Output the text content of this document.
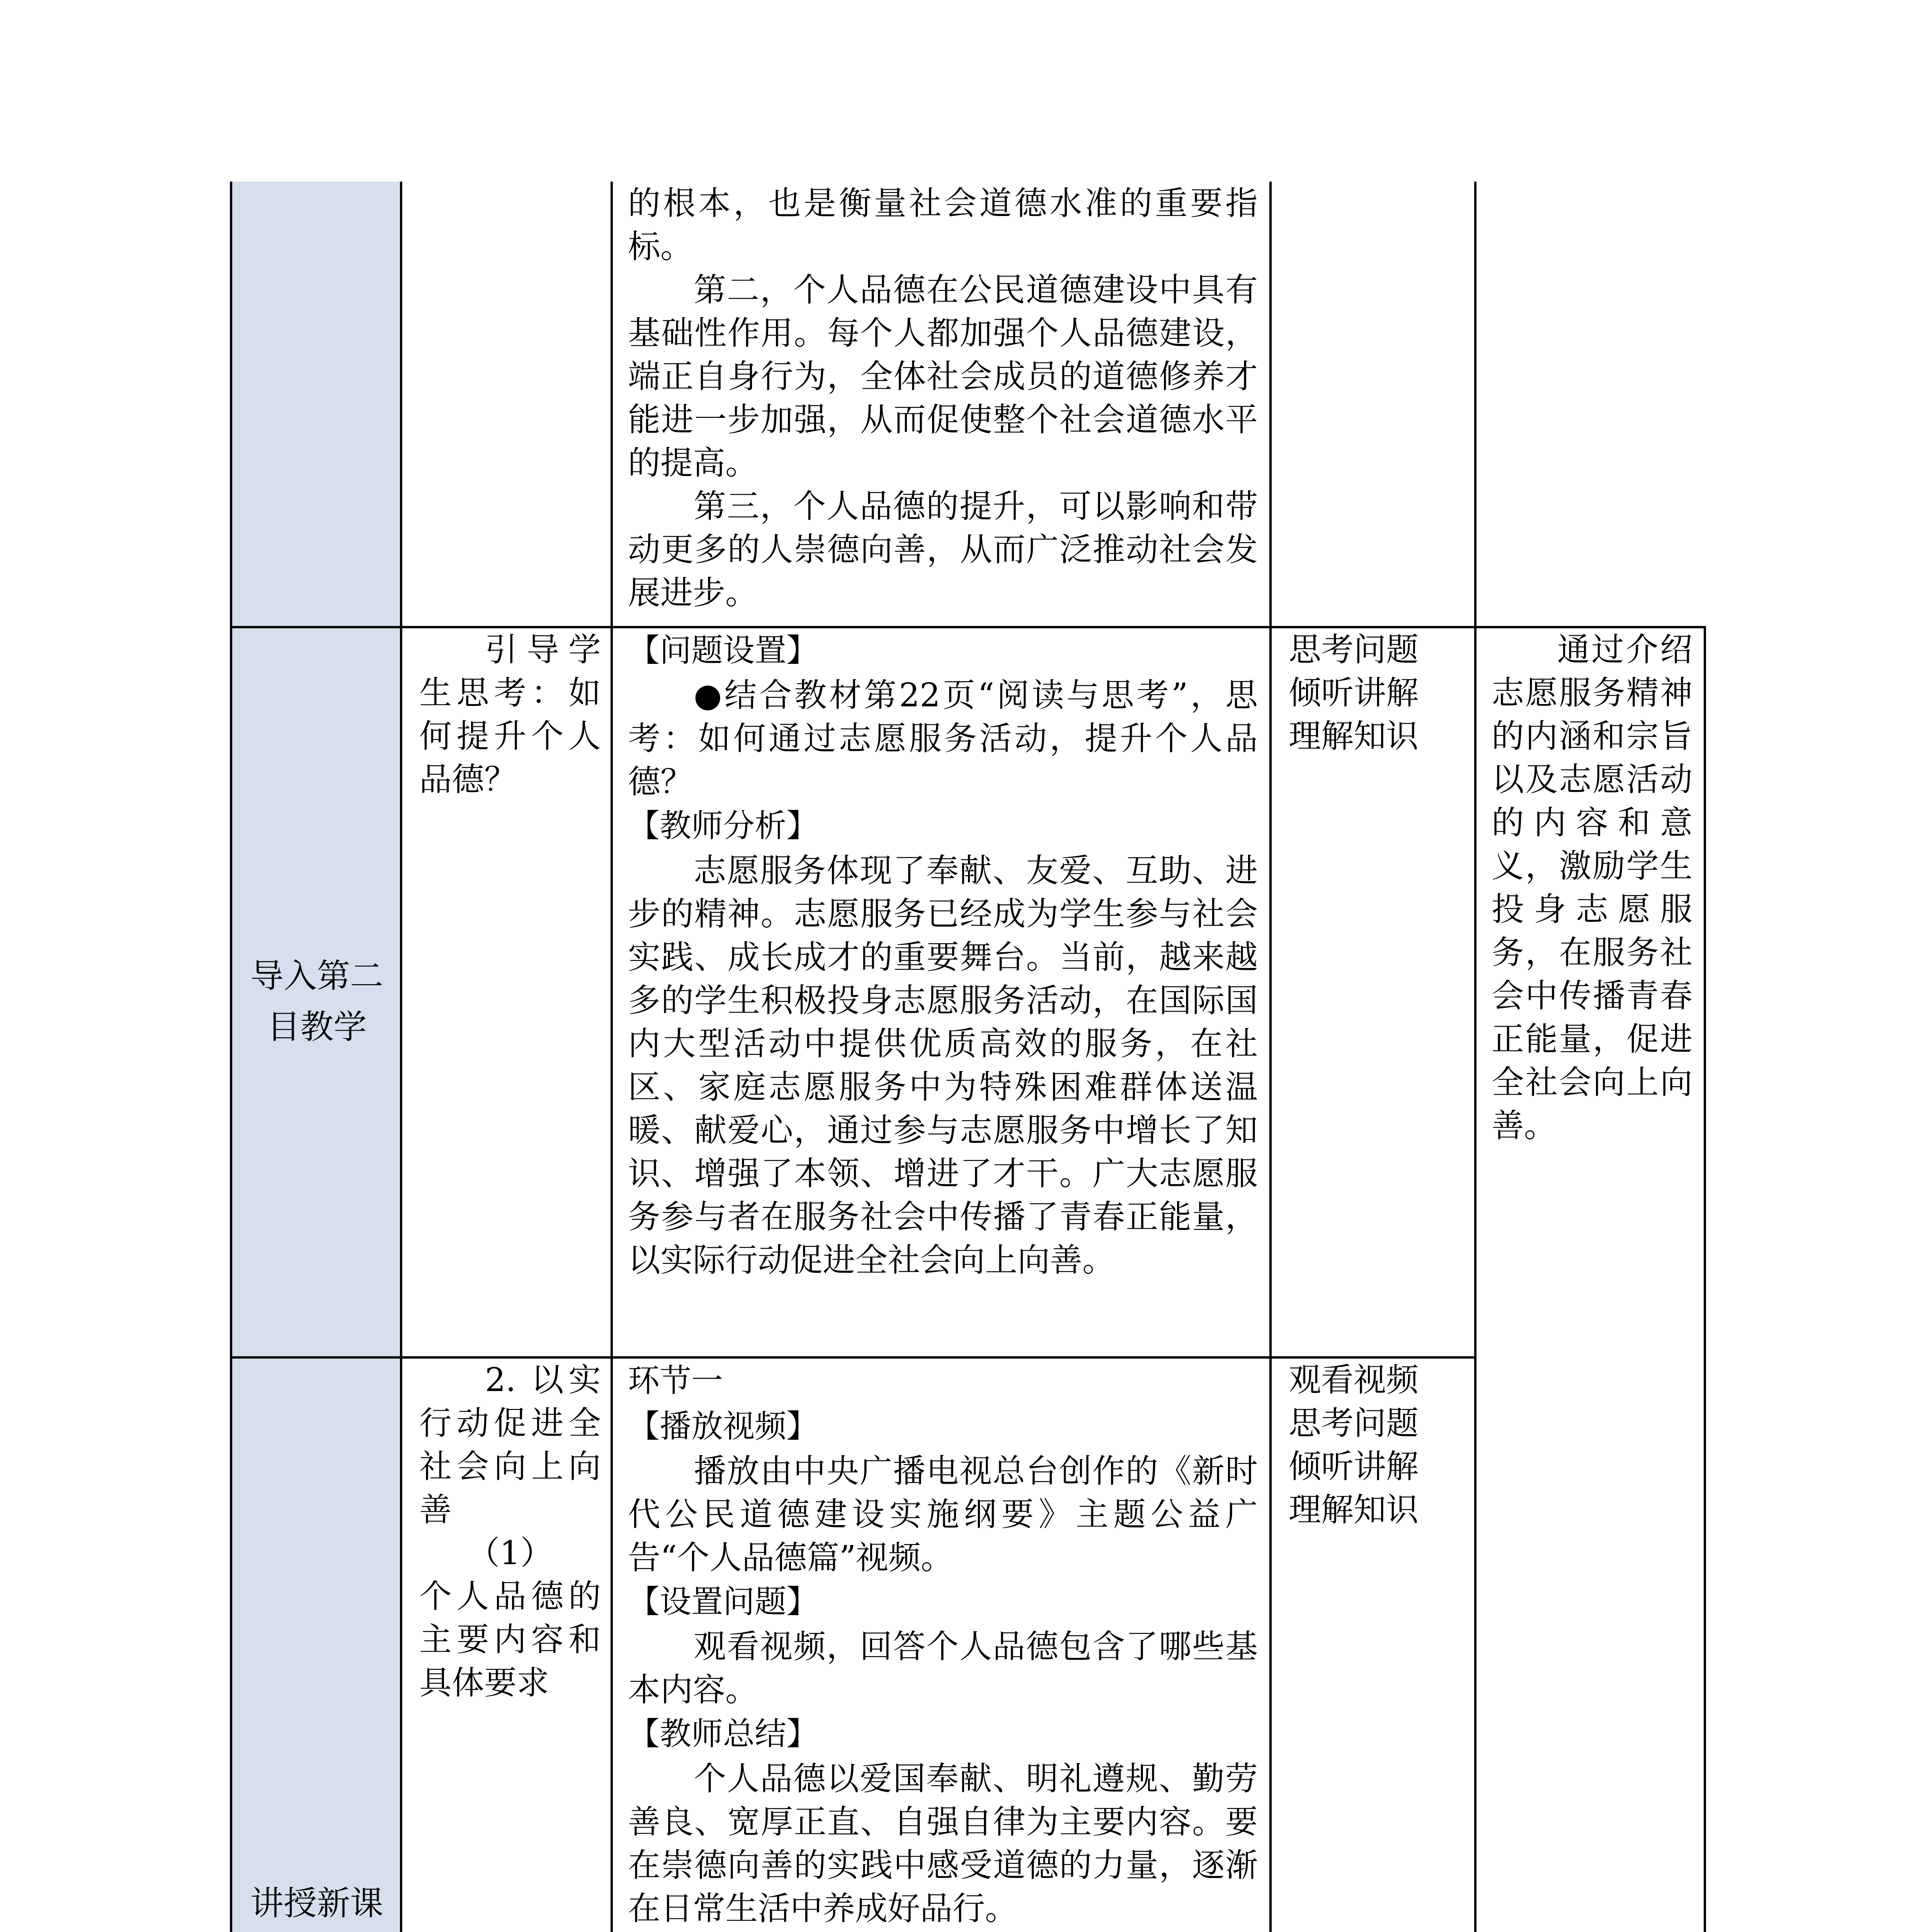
的根本，也是衡量社会道德水准的重要指标。

第二，个人品德在公民道德建设中具有基础性作用。每个人都加强个人品德建设，端正自身行为，全体社会成员的道德修养才能进一步加强，从而促使整个社会道德水平的提高。

第三，个人品德的提升，可以影响和带动更多的人崇德向善，从而广泛推动社会发展进步。

导入第二目教学

引导学生思考：如何提升个人品德？

【问题设置】

●结合教材第22页“阅读与思考”，思考：如何通过志愿服务活动，提升个人品德？

【教师分析】

志愿服务体现了奉献、友爱、互助、进步的精神。志愿服务已经成为学生参与社会实践、成长成才的重要舞台。当前，越来越多的学生积极投身志愿服务活动，在国际国内大型活动中提供优质高效的服务，在社区、家庭志愿服务中为特殊困难群体送温暖、献爱心，通过参与志愿服务中增长了知识、增强了本领、增进了才干。广大志愿服务参与者在服务社会中传播了青春正能量，以实际行动促进全社会向上向善。

思考问题
倾听讲解
理解知识

通过介绍志愿服务精神的内涵和宗旨以及志愿活动的内容和意义，激励学生投身志愿服务，在服务社会中传播青春正能量，促进全社会向上向善。

讲授新课

2. 以实行动促进全社会向上向善

（1）

个人品德的主要内容和具体要求

环节一

【播放视频】

播放由中央广播电视总台创作的《新时代公民道德建设实施纲要》主题公益广告“个人品德篇”视频。

【设置问题】

观看视频，回答个人品德包含了哪些基本内容。

【教师总结】

个人品德以爱国奉献、明礼遵规、勤劳善良、宽厚正直、自强自律为主要内容。要在崇德向善的实践中感受道德的力量，逐渐在日常生活中养成好品行。

观看视频
思考问题
倾听讲解
理解知识
